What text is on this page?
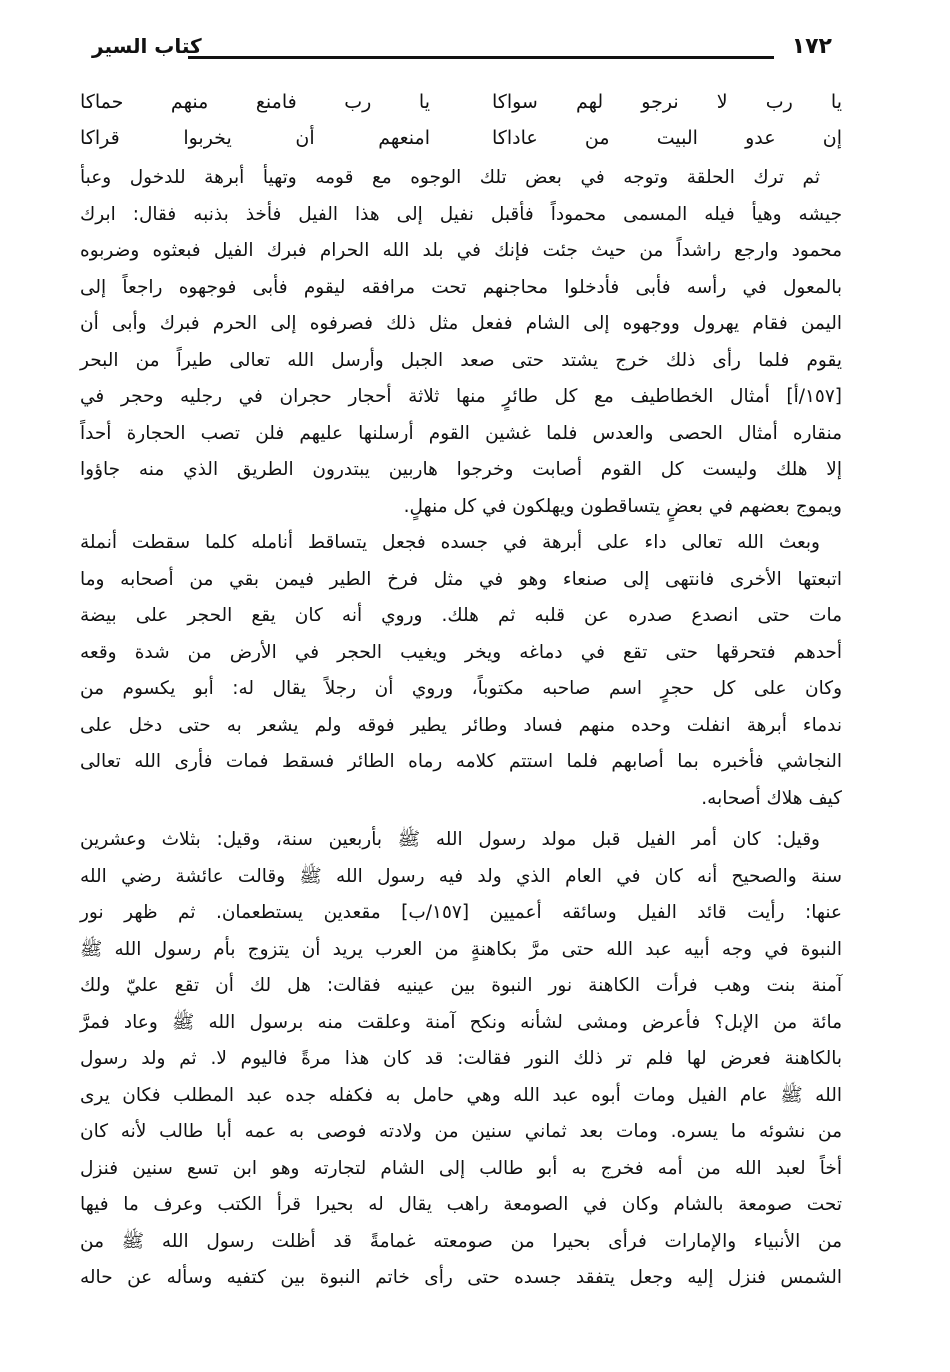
١٧٢
كتاب السير
يا رب لا نرجو لهم سواكا
يا رب فامنع منهم حماكا
إن عدو البيت من عاداكا
امنعهم أن يخربوا قراكا
ثم ترك الحلقة وتوجه في بعض تلك الوجوه مع قومه وتهيأ أبرهة للدخول وعبأ
جيشه وهيأ فيله المسمى محموداً فأقبل نفيل إلى هذا الفيل فأخذ بذنبه فقال: ابرك
محمود وارجع راشداً من حيث جئت فإنك في بلد الله الحرام فبرك الفيل فبعثوه وضربوه
بالمعول في رأسه فأبى فأدخلوا محاجنهم تحت مرافقه ليقوم فأبى فوجهوه راجعاً إلى
اليمن فقام يهرول ووجهوه إلى الشام ففعل مثل ذلك فصرفوه إلى الحرم فبرك وأبى أن
يقوم فلما رأى ذلك خرج يشتد حتى صعد الجبل وأرسل الله تعالى طيراً من البحر
[١٥٧/أ] أمثال الخطاطيف مع كل طائرٍ منها ثلاثة أحجار حجران في رجليه وحجر في
منقاره أمثال الحصى والعدس فلما غشين القوم أرسلنها عليهم فلن تصب الحجارة أحداً
إلا هلك وليست كل القوم أصابت وخرجوا هاربين يبتدرون الطريق الذي منه جاؤوا
ويموج بعضهم في بعضٍ يتساقطون ويهلكون في كل منهلٍ.
وبعث الله تعالى داء على أبرهة في جسده فجعل يتساقط أنامله كلما سقطت أنملة
اتبعتها الأخرى فانتهى إلى صنعاء وهو في مثل فرخ الطير فيمن بقي من أصحابه وما
مات حتى انصدع صدره عن قلبه ثم هلك. وروي أنه كان يقع الحجر على بيضة
أحدهم فتحرقها حتى تقع في دماغه ويخر ويغيب الحجر في الأرض من شدة وقعه
وكان على كل حجرٍ اسم صاحبه مكتوباً، وروي أن رجلاً يقال له: أبو يكسوم من
ندماء أبرهة انفلت وحده منهم فساد وطائر يطير فوقه ولم يشعر به حتى دخل على
النجاشي فأخبره بما أصابهم فلما استتم كلامه رماه الطائر فسقط فمات فأرى الله تعالى
كيف هلاك أصحابه.
وقيل: كان أمر الفيل قبل مولد رسول الله ﷺ بأربعين سنة، وقيل: بثلاث وعشرين
سنة والصحيح أنه كان في العام الذي ولد فيه رسول الله ﷺ وقالت عائشة رضي الله
عنها: رأيت قائد الفيل وسائقه أعميين [١٥٧/ب] مقعدين يستطعمان. ثم ظهر نور
النبوة في وجه أبيه عبد الله حتى مرَّ بكاهنةٍ من العرب يريد أن يتزوج بأم رسول الله ﷺ
آمنة بنت وهب فرأت الكاهنة نور النبوة بين عينيه فقالت: هل لك أن تقع عليّ ولك
مائة من الإبل؟ فأعرض ومشى لشأنه ونكح آمنة وعلقت منه برسول الله ﷺ وعاد فمرَّ
بالكاهنة فعرض لها فلم تر ذلك النور فقالت: قد كان هذا مرةً فاليوم لا. ثم ولد رسول
الله ﷺ عام الفيل ومات أبوه عبد الله وهي حامل به فكفله جده عبد المطلب فكان يرى
من نشوئه ما يسره. ومات بعد ثماني سنين من ولادته فوصى به عمه أبا طالب لأنه كان
أخاً لعبد الله من أمه فخرج به أبو طالب إلى الشام لتجارته وهو ابن تسع سنين فنزل
تحت صومعة بالشام وكان في الصومعة راهب يقال له بحيرا قرأ الكتب وعرف ما فيها
من الأنبياء والإمارات فرأى بحيرا من صومعته غمامةً قد أظلت رسول الله ﷺ من
الشمس فنزل إليه وجعل يتفقد جسده حتى رأى خاتم النبوة بين كتفيه وسأله عن حاله
